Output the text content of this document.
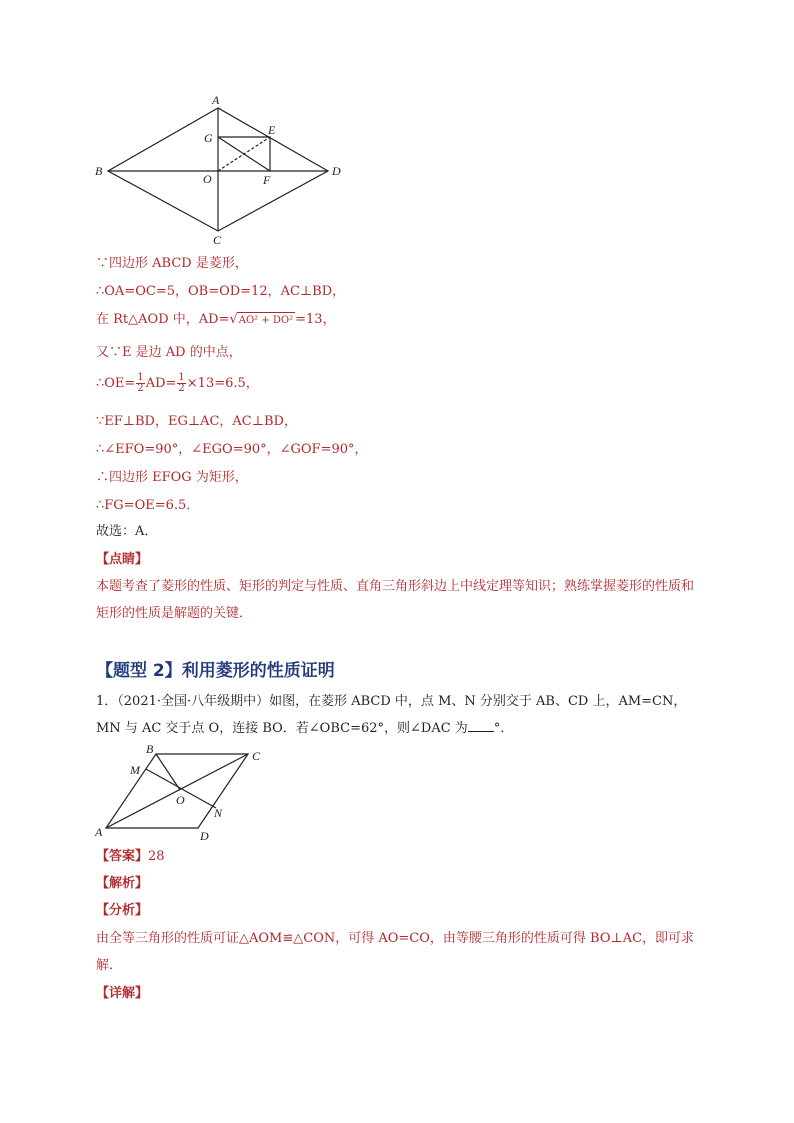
A
B
C
D
E
F
G
O
∵四边形 ABCD 是菱形，
∴OA=OC=5，OB=OD=12，AC⊥BD，
在 Rt△AOD 中，AD=√AO² + DO² =13，
又∵E 是边 AD 的中点，
∴OE= $\frac{1}{2} AD= \frac{1}{2} \times 13=6.5$，
∵EF⊥BD，EG⊥AC，AC⊥BD，
∴∠EFO=90°，∠EGO=90°，∠GOF=90°，
∴四边形 EFOG 为矩形，
∴FG=OE=6.5．
故选：A．
【点睛】
本题考查了菱形的性质、矩形的判定与性质、直角三角形斜边上中线定理等知识；熟练掌握菱形的性质和矩形的性质是解题的关键．
【题型 2】利用菱形的性质证明
1．（2021·全国·八年级期中）如图，在菱形 ABCD 中，点 M、N 分别交于 AB、CD 上，AM=CN，MN 与 AC 交于点 O，连接 BO．若∠OBC=62°，则∠DAC 为 °．
B	C
M
O
N
A	D
【答案】28
【解析】
【分析】
由全等三角形的性质可证△AOM≌△CON，可得 AO=CO，由等腰三角形的性质可得 BO⊥AC，即可求解．
【详解】
